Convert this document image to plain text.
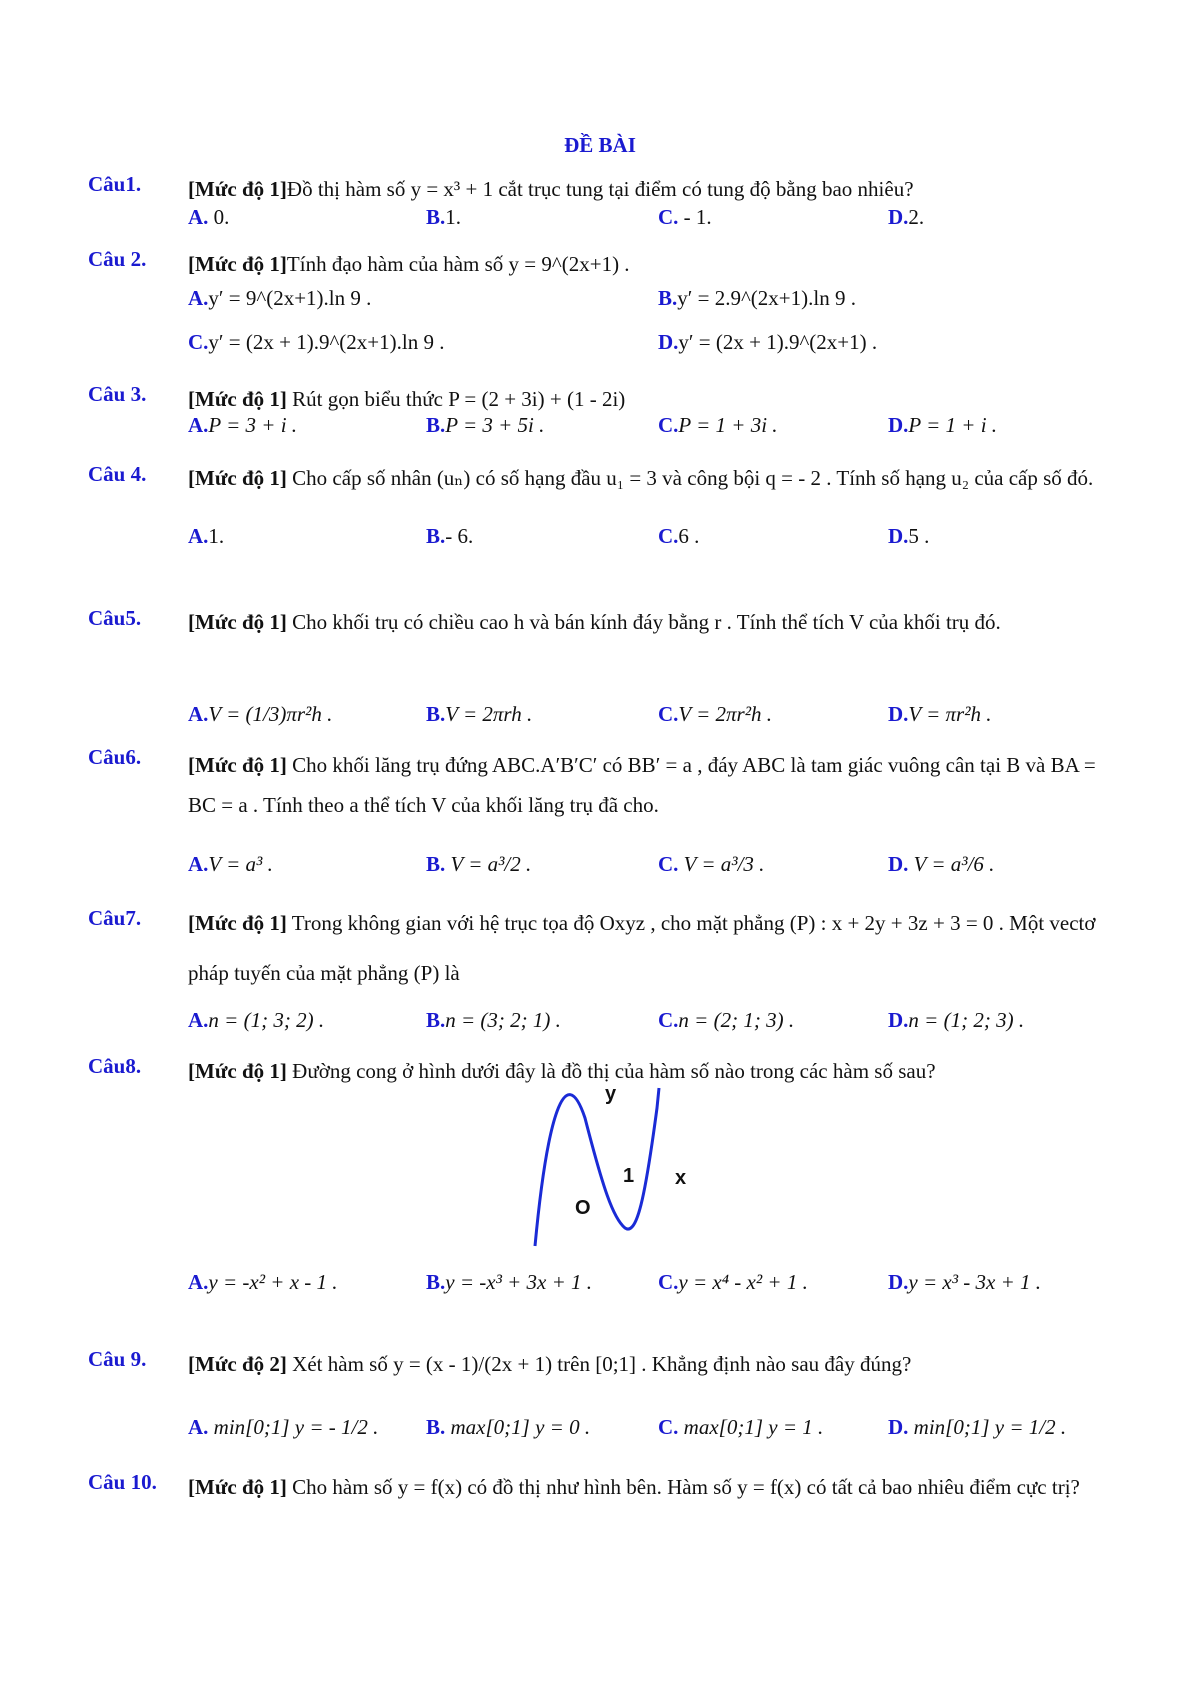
ĐỀ BÀI
Câu1. [Mức độ 1]Đồ thị hàm số y = x³ + 1 cắt trục tung tại điểm có tung độ bằng bao nhiêu?
A. 0.	B.1.	C. - 1.	D.2.
Câu 2. [Mức độ 1]Tính đạo hàm của hàm số y = 9^(2x+1) .
A.y′ = 9^(2x+1).ln 9 .	B.y′ = 2.9^(2x+1).ln 9 .
C.y′ = (2x + 1).9^(2x+1).ln 9 .	D.y′ = (2x + 1).9^(2x+1) .
Câu 3. [Mức độ 1] Rút gọn biểu thức P = (2 + 3i) + (1 - 2i)
A.P = 3 + i .	B.P = 3 + 5i .	C.P = 1 + 3i .	D.P = 1 + i .
Câu 4. [Mức độ 1] Cho cấp số nhân (uₙ) có số hạng đầu u₁ = 3 và công bội q = - 2 . Tính số hạng u₂ của cấp số đó.
A.1.	B.- 6.	C.6 .	D.5 .
Câu5. [Mức độ 1] Cho khối trụ có chiều cao h và bán kính đáy bằng r . Tính thể tích V của khối trụ đó.
A.V = (1/3)πr²h .	B.V = 2πrh .	C.V = 2πr²h .	D.V = πr²h .
Câu6. [Mức độ 1] Cho khối lăng trụ đứng ABC.A′B′C′ có BB′ = a , đáy ABC là tam giác vuông cân tại B và BA = BC = a . Tính theo a thể tích V của khối lăng trụ đã cho.
A.V = a³ .	B. V = a³/2 .	C. V = a³/3 .	D. V = a³/6 .
Câu7. [Mức độ 1] Trong không gian với hệ trục tọa độ Oxyz , cho mặt phẳng (P) : x + 2y + 3z + 3 = 0 . Một vectơ pháp tuyến của mặt phẳng (P) là
A.n = (1; 3; 2) .	B.n = (3; 2; 1) .	C.n = (2; 1; 3) .	D.n = (1; 2; 3) .
Câu8. [Mức độ 1] Đường cong ở hình dưới đây là đồ thị của hàm số nào trong các hàm số sau?
y
x
O
1
A.y = -x² + x - 1 .	B.y = -x³ + 3x + 1 .	C.y = x⁴ - x² + 1 .	D.y = x³ - 3x + 1 .
Câu 9. [Mức độ 2] Xét hàm số y = (x - 1)/(2x + 1) trên [0;1] . Khẳng định nào sau đây đúng?
A. min[0;1] y = - 1/2 . B. max[0;1] y = 0 .	C. max[0;1] y = 1 .	D. min[0;1] y = 1/2 .
Câu 10. [Mức độ 1] Cho hàm số y = f(x) có đồ thị như hình bên. Hàm số y = f(x) có tất cả bao nhiêu điểm cực trị?
